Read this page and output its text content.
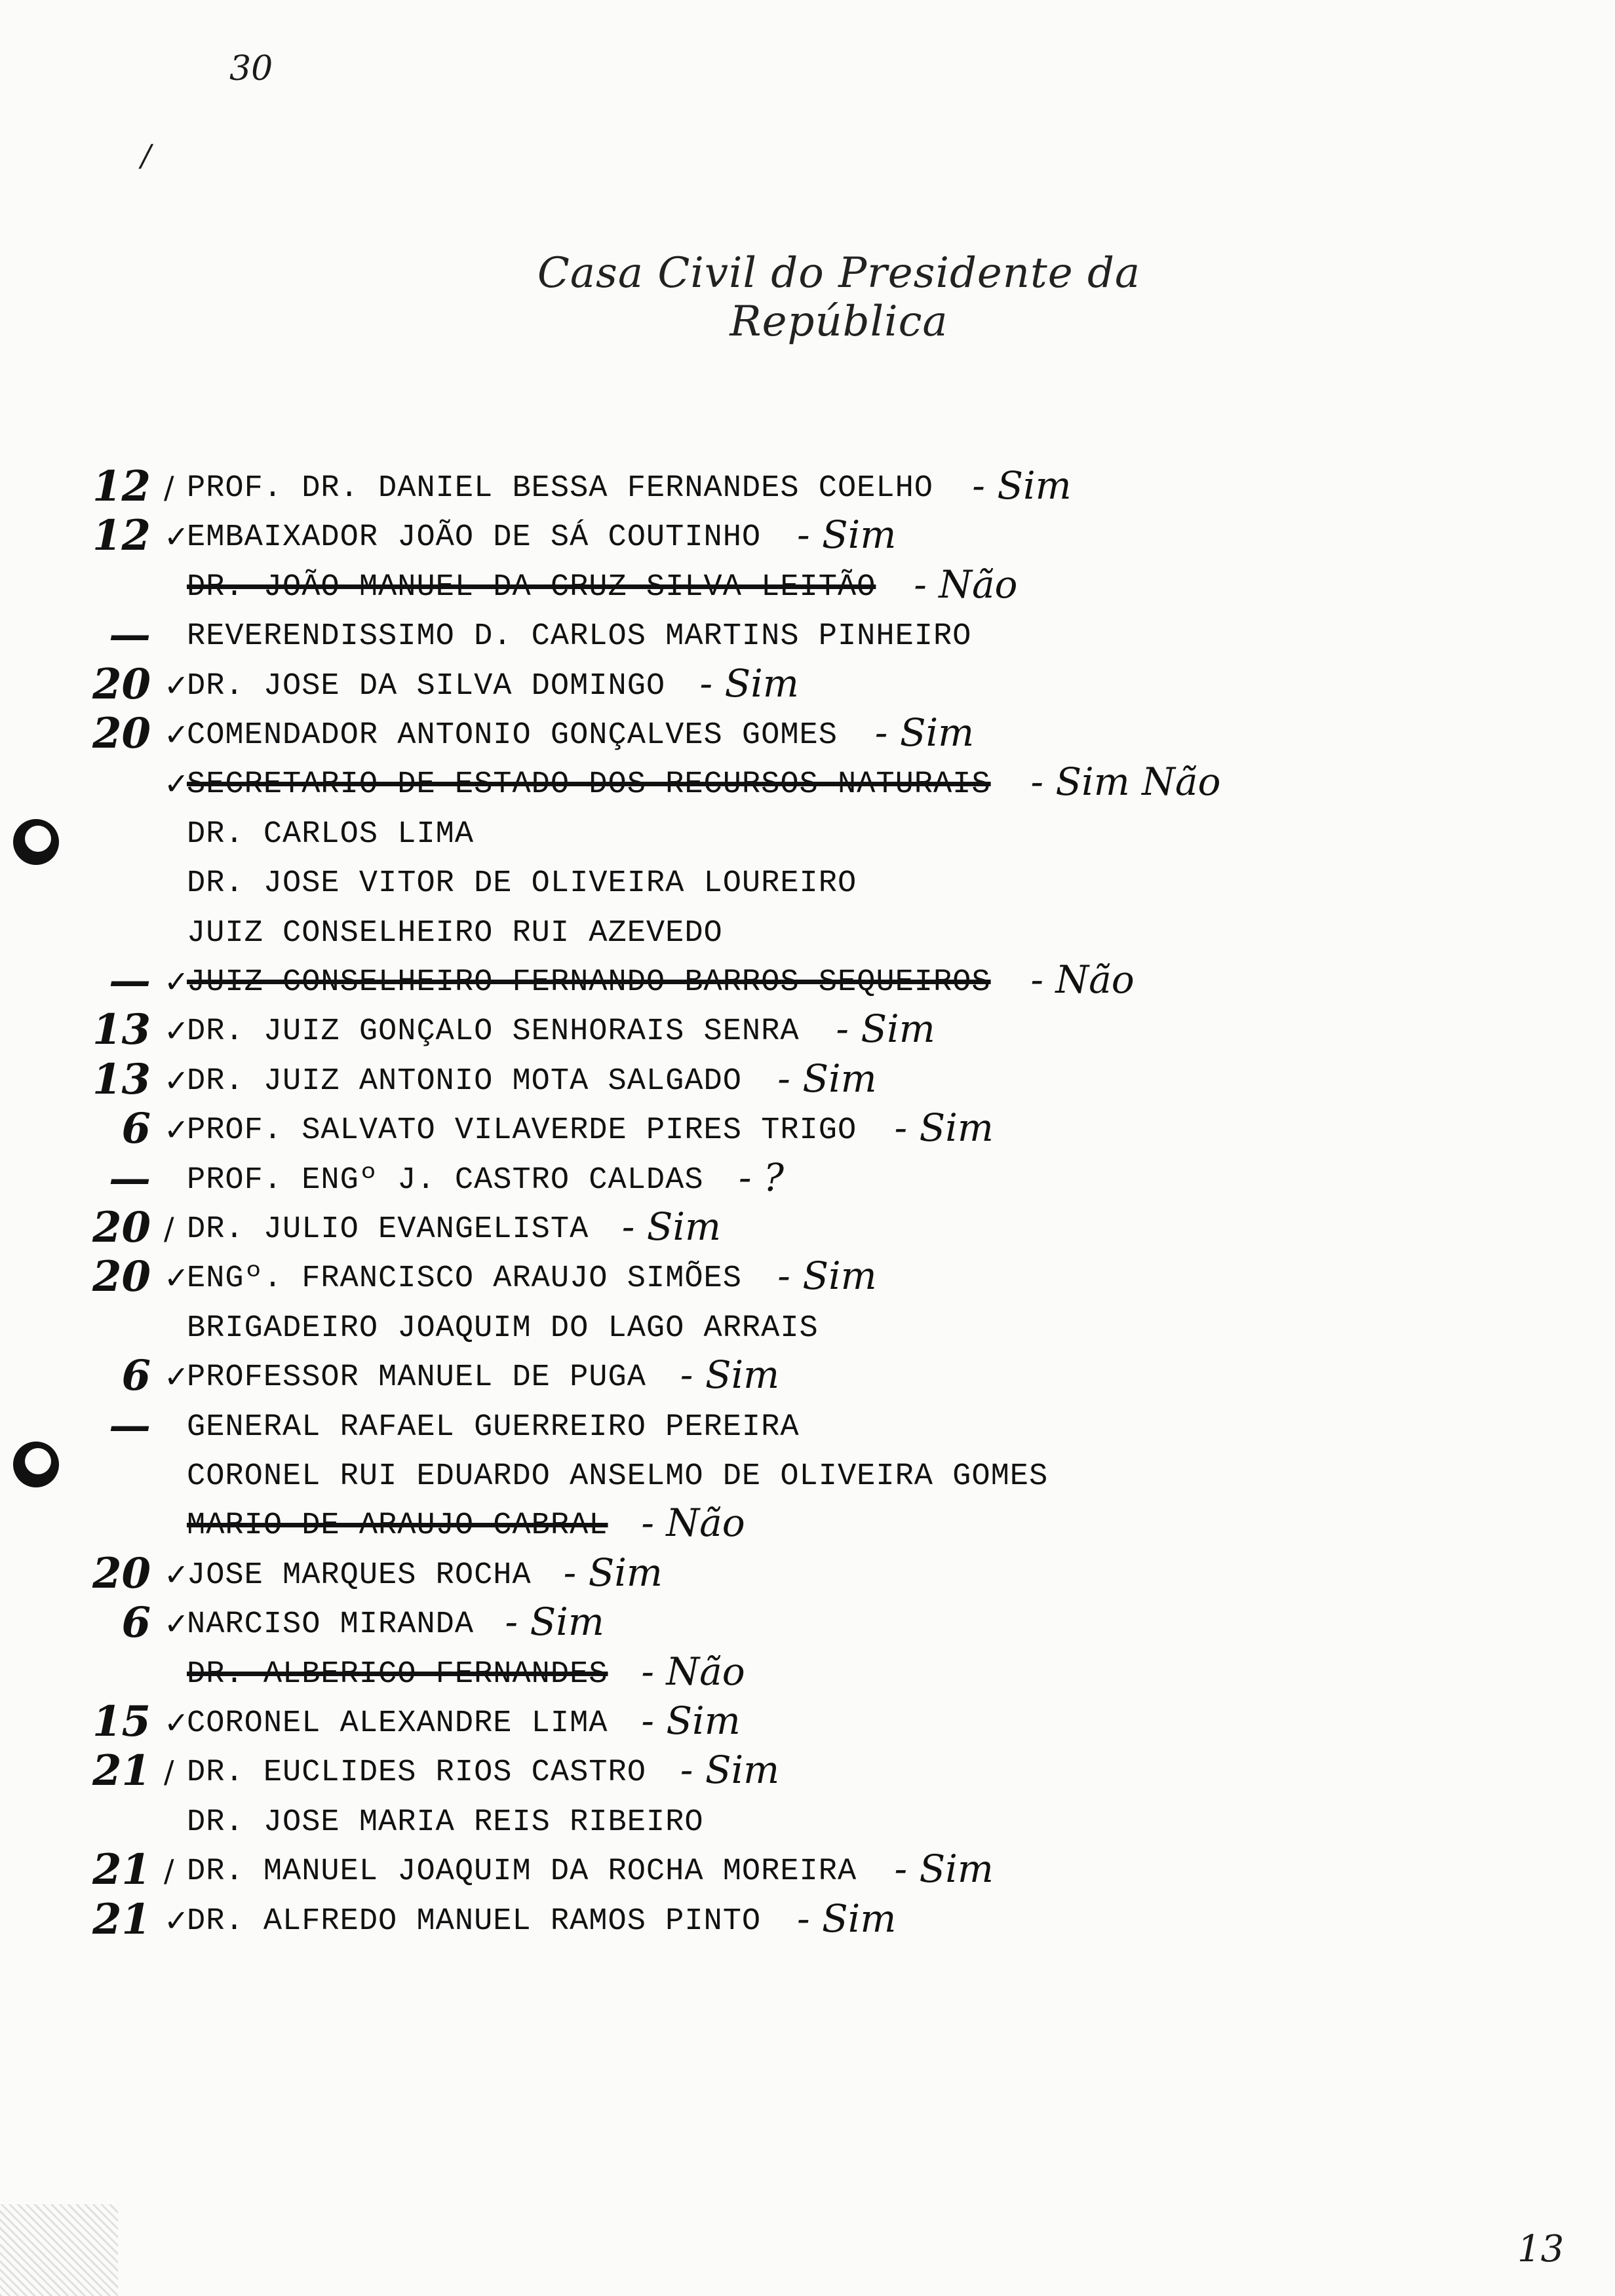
30
/
Casa Civil do Presidente da República
12 / PROF. DR. DANIEL BESSA FERNANDES COELHO - Sim
12 ✓
EMBAIXADOR JOÃO DE SÁ COUTINHO - Sim
DR. JOÃO MANUEL DA CRUZ SILVA LEITÃO - Não
— REVERENDISSIMO D. CARLOS MARTINS PINHEIRO
20 ✓
DR. JOSE DA SILVA DOMINGO - Sim
20 ✓
COMENDADOR ANTONIO GONÇALVES GOMES - Sim
✓
SECRETARIO DE ESTADO DOS RECURSOS NATURAIS - Sim Não
DR. CARLOS LIMA
DR. JOSE VITOR DE OLIVEIRA LOUREIRO
JUIZ CONSELHEIRO RUI AZEVEDO
— ✓
JUIZ CONSELHEIRO FERNANDO BARROS SEQUEIROS - Não
13 ✓
DR. JUIZ GONÇALO SENHORAIS SENRA - Sim
13 ✓
DR. JUIZ ANTONIO MOTA SALGADO - Sim
6 ✓
PROF. SALVATO VILAVERDE PIRES TRIGO - Sim
— PROF. ENGº J. CASTRO CALDAS - ?
20 / DR. JULIO EVANGELISTA - Sim
20 ✓
ENGº. FRANCISCO ARAUJO SIMÕES - Sim
BRIGADEIRO JOAQUIM DO LAGO ARRAIS
6 ✓
PROFESSOR MANUEL DE PUGA - Sim
— GENERAL RAFAEL GUERREIRO PEREIRA
CORONEL RUI EDUARDO ANSELMO DE OLIVEIRA GOMES
MARIO DE ARAUJO CABRAL - Não
20 ✓
JOSE MARQUES ROCHA - Sim
6 ✓
NARCISO MIRANDA - Sim
DR. ALBERICO FERNANDES - Não
15 ✓
CORONEL ALEXANDRE LIMA - Sim
21 / DR. EUCLIDES RIOS CASTRO - Sim
DR. JOSE MARIA REIS RIBEIRO
21 / DR. MANUEL JOAQUIM DA ROCHA MOREIRA - Sim
21 ✓
DR. ALFREDO MANUEL RAMOS PINTO - Sim
13
